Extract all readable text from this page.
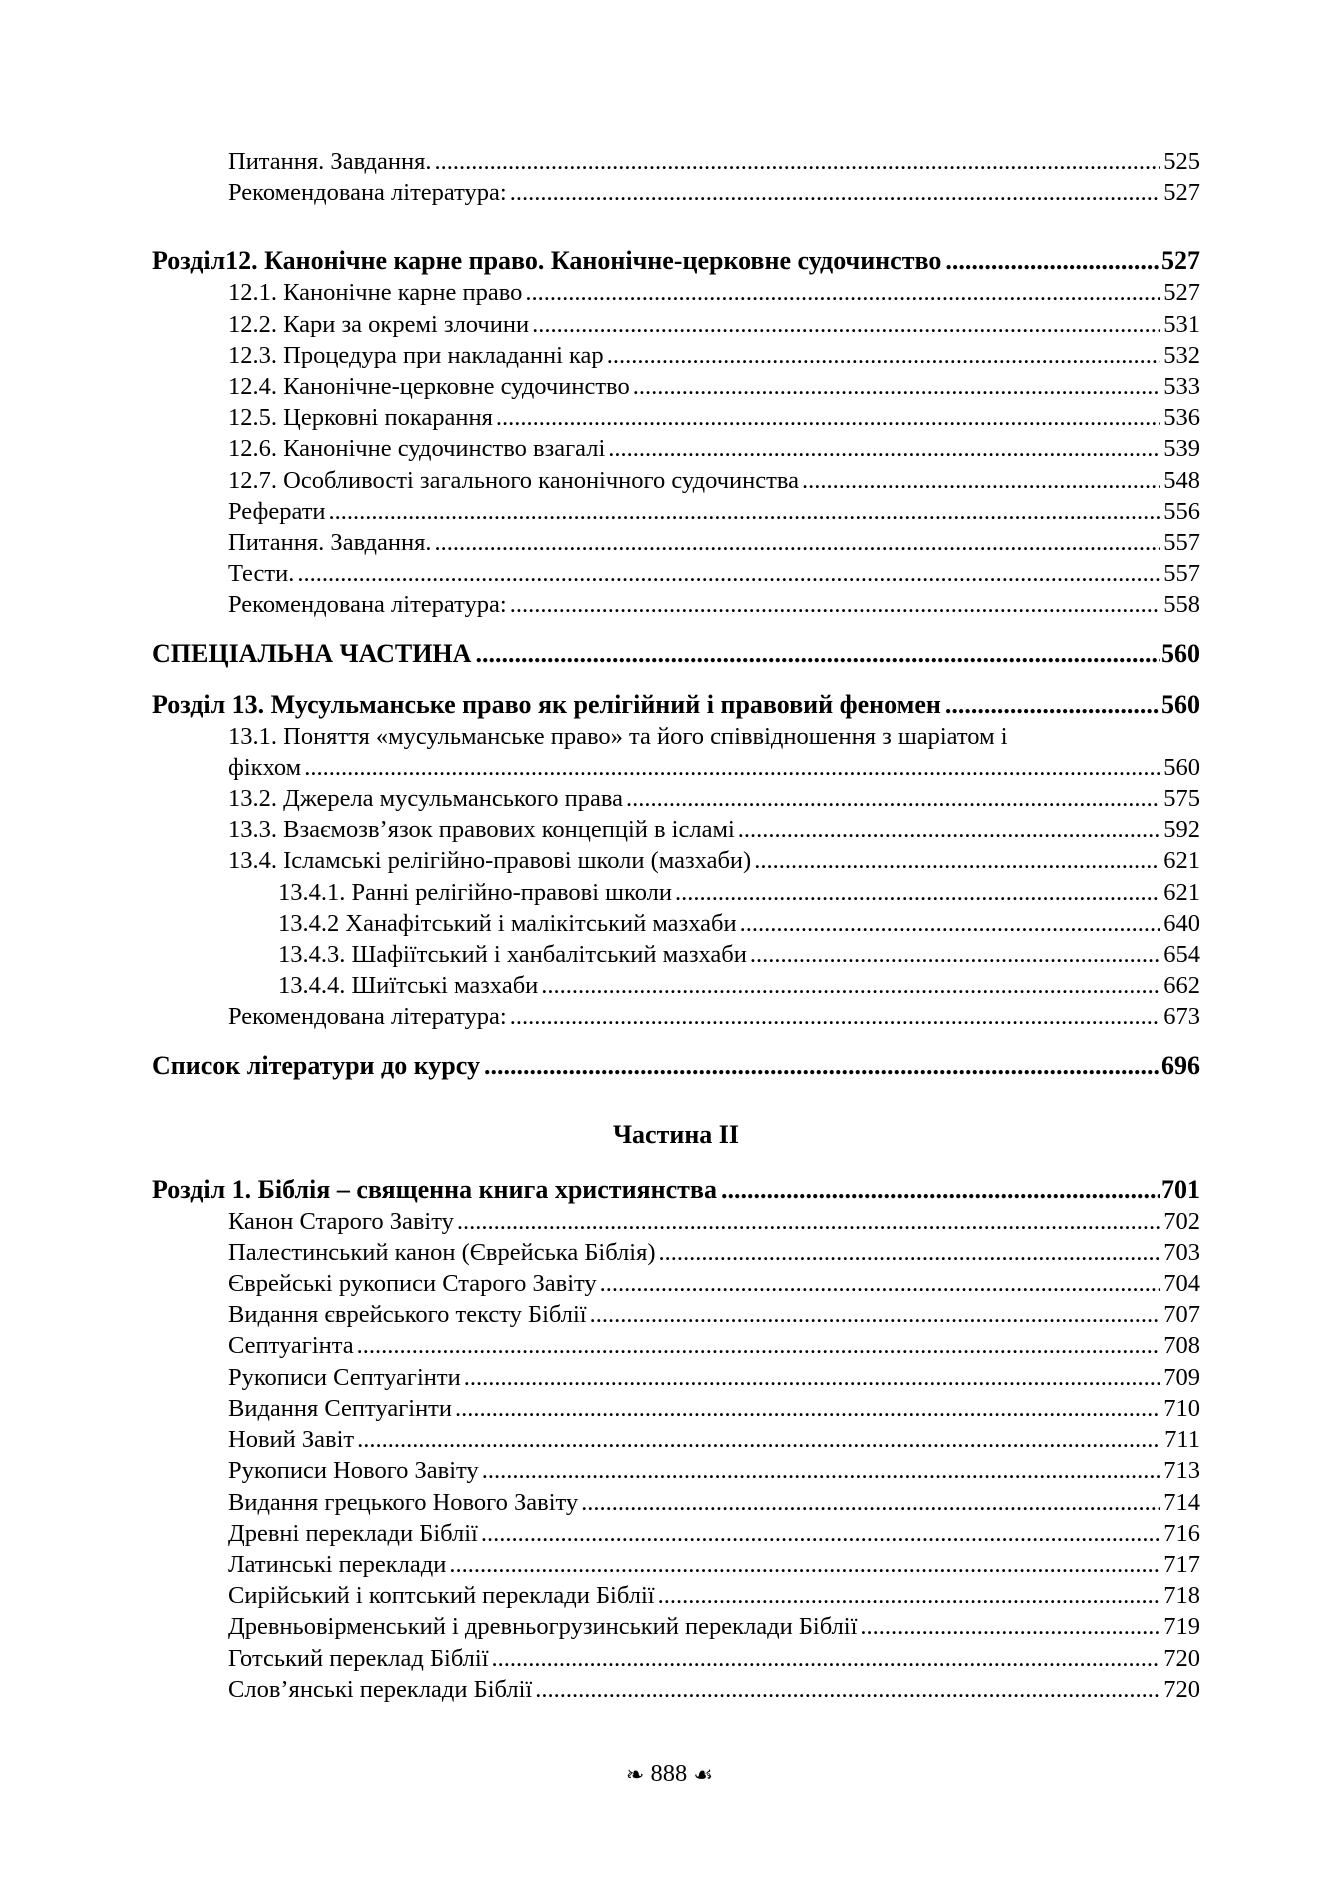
Питання. Завдання. .....	525
Рекомендована література: .....	527
Розділ12. Канонічне карне право. Канонічне-церковне судочинство .....	527
12.1. Канонічне карне право .....	527
12.2. Кари за окремі злочини .....	531
12.3. Процедура при накладанні кар .....	532
12.4. Канонічне-церковне судочинство .....	533
12.5. Церковні покарання .....	536
12.6. Канонічне судочинство взагалі .....	539
12.7. Особливості загального канонічного судочинства .....	548
Реферати .....	556
Питання. Завдання. .....	557
Тести. .....	557
Рекомендована література: .....	558
СПЕЦІАЛЬНА ЧАСТИНА .....	560
Розділ 13. Мусульманське право як релігійний і правовий феномен .....	560
13.1. Поняття «мусульманське право» та його співвідношення з шаріатом і
фікхом .....	560
13.2. Джерела мусульманського права .....	575
13.3. Взаємозв’язок правових концепцій в ісламі .....	592
13.4. Ісламські релігійно-правові школи (мазхаби) .....	621
13.4.1. Ранні релігійно-правові школи .....	621
13.4.2 Ханафітський і малікітський мазхаби .....	640
13.4.3. Шафіїтський і ханбалітський мазхаби .....	654
13.4.4. Шиїтські мазхаби .....	662
Рекомендована література: .....	673
Список літератури до курсу .....	696
Частина II
Розділ 1. Біблія – священна книга християнства .....	701
Канон Старого Завіту .....	702
Палестинський канон (Єврейська Біблія) .....	703
Єврейські рукописи Старого Завіту .....	704
Видання єврейського тексту Біблії .....	707
Септуагінта .....	708
Рукописи Септуагінти .....	709
Видання Септуагінти .....	710
Новий Завіт .....	711
Рукописи Нового Завіту .....	713
Видання грецького Нового Завіту .....	714
Древні переклади Біблії .....	716
Латинські переклади .....	717
Сирійський і коптський переклади Біблії .....	718
Древньовірменський і древньогрузинський переклади Біблії .....	719
Готський переклад Біблії .....	720
Слов’янські переклади Біблії .....	720
❧ 888 ☙
